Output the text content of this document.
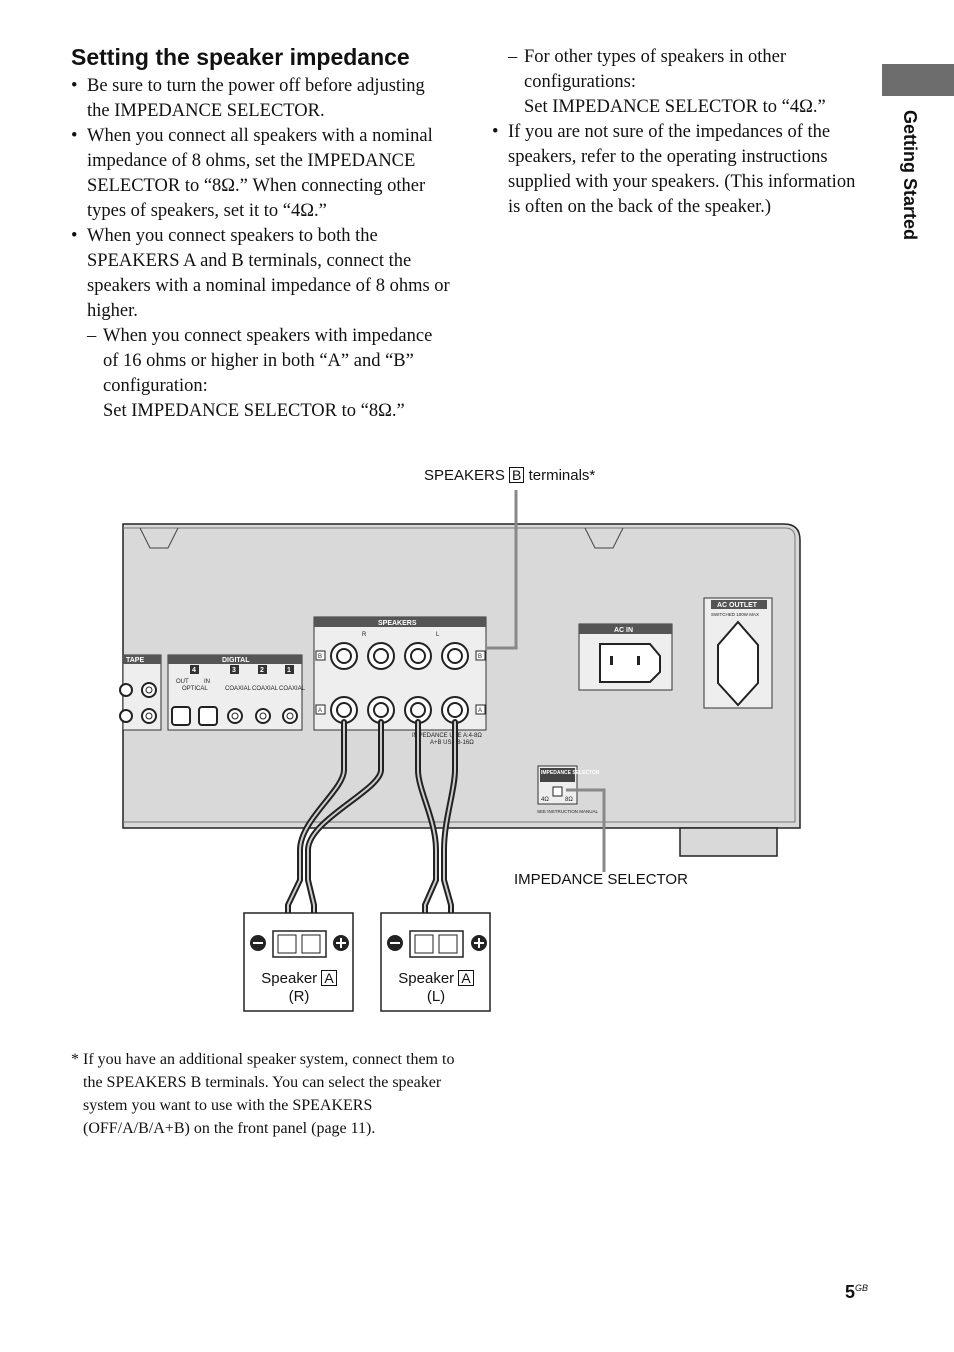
Setting the speaker impedance
• Be sure to turn the power off before adjusting the IMPEDANCE SELECTOR.
• When you connect all speakers with a nominal impedance of 8 ohms, set the IMPEDANCE SELECTOR to “8Ω.” When connecting other types of speakers, set it to “4Ω.”
• When you connect speakers to both the SPEAKERS A and B terminals, connect the speakers with a nominal impedance of 8 ohms or higher.
– When you connect speakers with impedance of 16 ohms or higher in both “A” and “B” configuration:
Set IMPEDANCE SELECTOR to “8Ω.”
– For other types of speakers in other configurations:
Set IMPEDANCE SELECTOR to “4Ω.”
• If you are not sure of the impedances of the speakers, refer to the operating instructions supplied with your speakers. (This information is often on the back of the speaker.)	Getting Started
TAPE	DIGITAL
4	2
3	1
OUT	IN
OPTICAL	COAXIAL COAXIAL COAXIAL
SPEAKERS
R	L
B	B
A	A
IMPEDANCE USE A:4-8Ω
A+B USE 8-16Ω
AC IN
AC OUTLET
SWITCHED 100W MAX
IMPEDANCE SELECTOR
4Ω	8Ω
SEE INSTRUCTION MANUAL
SPEAKERS B terminals*
IMPEDANCE SELECTOR
Speaker A
(R)
Speaker A
(L)
* If you have an additional speaker system, connect them to the SPEAKERS B terminals. You can select the speaker system you want to use with the SPEAKERS (OFF/A/B/A+B) on the front panel (page 11).
$5^{GB}$
